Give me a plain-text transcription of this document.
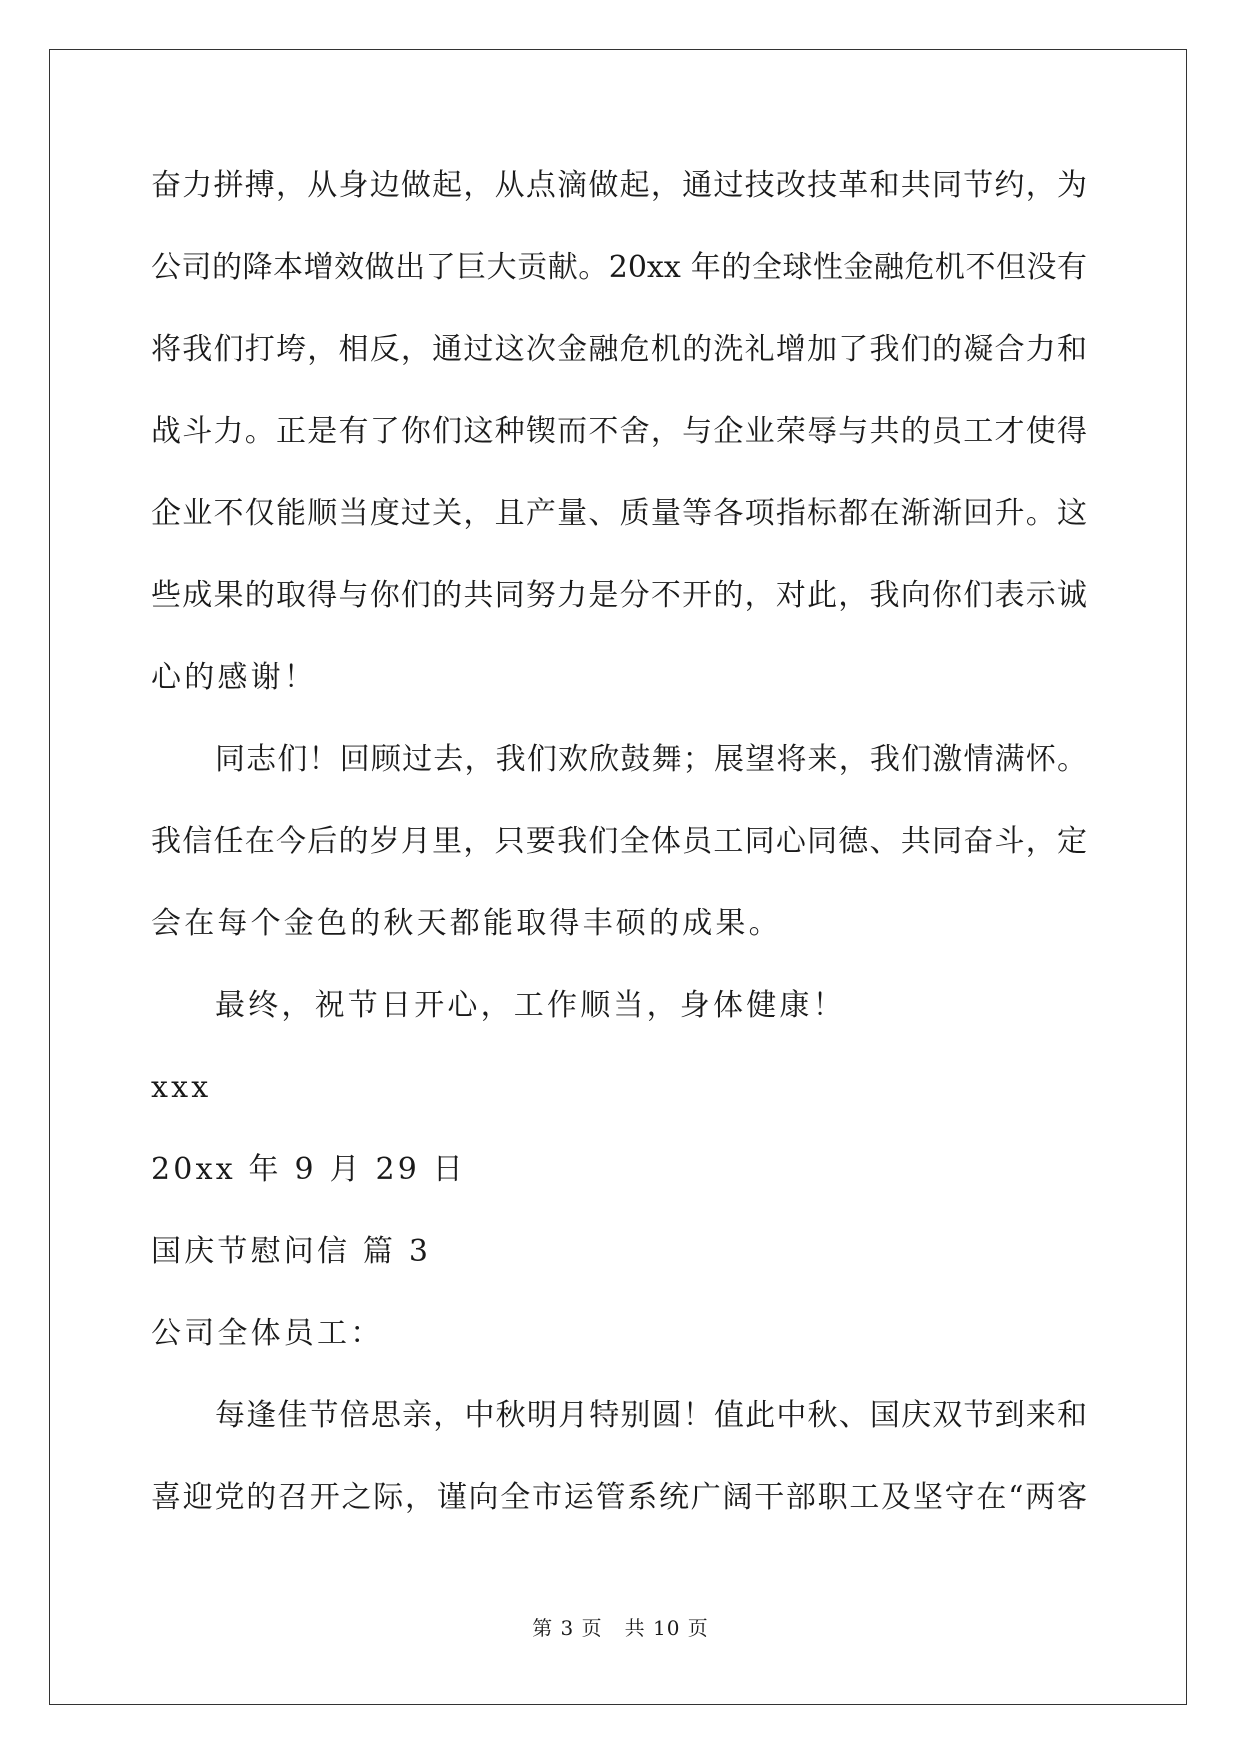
奋力拼搏，从身边做起，从点滴做起，通过技改技革和共同节约，为
公司的降本增效做出了巨大贡献。20xx 年的全球性金融危机不但没有
将我们打垮，相反，通过这次金融危机的洗礼增加了我们的凝合力和
战斗力。正是有了你们这种锲而不舍，与企业荣辱与共的员工才使得
企业不仅能顺当度过关，且产量、质量等各项指标都在渐渐回升。这
些成果的取得与你们的共同努力是分不开的，对此，我向你们表示诚
心的感谢！
同志们！回顾过去，我们欢欣鼓舞；展望将来，我们激情满怀。
我信任在今后的岁月里，只要我们全体员工同心同德、共同奋斗，定
会在每个金色的秋天都能取得丰硕的成果。
最终，祝节日开心，工作顺当，身体健康！
xxx
20xx 年 9 月 29 日
国庆节慰问信 篇 3
公司全体员工：
每逢佳节倍思亲，中秋明月特别圆！值此中秋、国庆双节到来和
喜迎党的召开之际，谨向全市运管系统广阔干部职工及坚守在“两客
第 3 页 共 10 页
